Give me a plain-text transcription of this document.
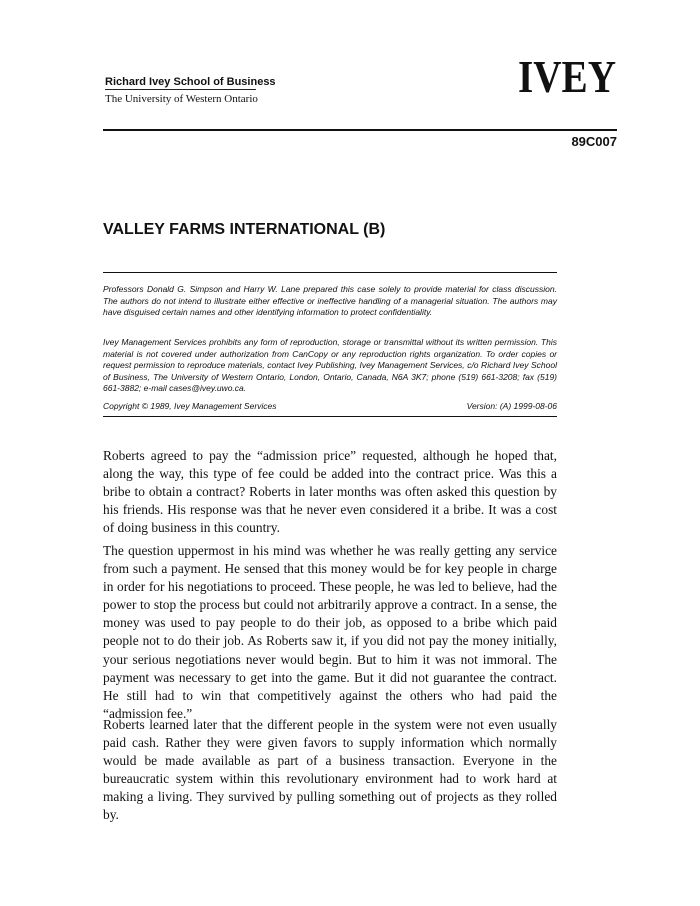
Richard Ivey School of Business
The University of Western Ontario	IVEY
89C007
VALLEY FARMS INTERNATIONAL (B)

Professors Donald G. Simpson and Harry W. Lane prepared this case solely to provide material for class discussion. The authors do not intend to illustrate either effective or ineffective handling of a managerial situation. The authors may have disguised certain names and other identifying information to protect confidentiality.

Ivey Management Services prohibits any form of reproduction, storage or transmittal without its written permission. This material is not covered under authorization from CanCopy or any reproduction rights organization. To order copies or request permission to reproduce materials, contact Ivey Publishing, Ivey Management Services, c/o Richard Ivey School of Business, The University of Western Ontario, London, Ontario, Canada, N6A 3K7; phone (519) 661-3208; fax (519) 661-3882; e-mail cases@ivey.uwo.ca.

Copyright © 1989, Ivey Management Services	Version: (A) 1999-08-06

Roberts agreed to pay the “admission price” requested, although he hoped that, along the way, this type of fee could be added into the contract price. Was this a bribe to obtain a contract? Roberts in later months was often asked this question by his friends. His response was that he never even considered it a bribe. It was a cost of doing business in this country.

The question uppermost in his mind was whether he was really getting any service from such a payment. He sensed that this money would be for key people in charge in order for his negotiations to proceed. These people, he was led to believe, had the power to stop the process but could not arbitrarily approve a contract. In a sense, the money was used to pay people to do their job, as opposed to a bribe which paid people not to do their job. As Roberts saw it, if you did not pay the money initially, your serious negotiations never would begin. But to him it was not immoral. The payment was necessary to get into the game. But it did not guarantee the contract. He still had to win that competitively against the others who had paid the “admission fee.”

Roberts learned later that the different people in the system were not even usually paid cash. Rather they were given favors to supply information which normally would be made available as part of a business transaction. Everyone in the bureaucratic system within this revolutionary environment had to work hard at making a living. They survived by pulling something out of projects as they rolled by.
